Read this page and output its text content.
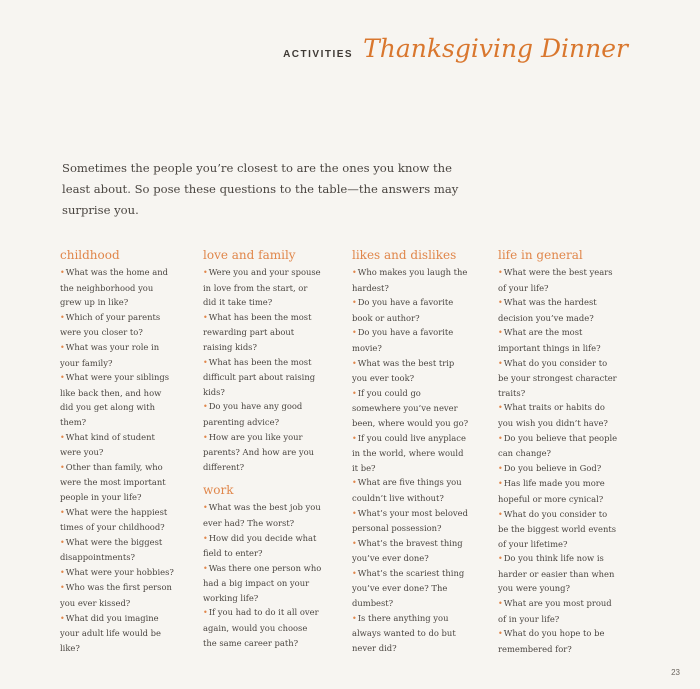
ACTIVITIES Thanksgiving Dinner

Sometimes the people you’re closest to are the ones you know the least about. So pose these questions to the table—the answers may surprise you.

childhood
•What was the home and the neighborhood you grew up in like?
•Which of your parents were you closer to?
•What was your role in your family?
•What were your siblings like back then, and how did you get along with them?
•What kind of student were you?
•Other than family, who were the most important people in your life?
•What were the happiest times of your childhood?
•What were the biggest disappointments?
•What were your hobbies?
•Who was the first person you ever kissed?
•What did you imagine your adult life would be like?
love and family
•Were you and your spouse in love from the start, or did it take time?
•What has been the most rewarding part about raising kids?
•What has been the most difficult part about raising kids?
•Do you have any good parenting advice?
•How are you like your parents? And how are you different?
work
•What was the best job you ever had? The worst?
•How did you decide what field to enter?
•Was there one person who had a big impact on your working life?
•If you had to do it all over again, would you choose the same career path?
likes and dislikes
•Who makes you laugh the hardest?
•Do you have a favorite book or author?
•Do you have a favorite movie?
•What was the best trip you ever took?
•If you could go somewhere you’ve never been, where would you go?
•If you could live anyplace in the world, where would it be?
•What are five things you couldn’t live without?
•What’s your most beloved personal possession?
•What’s the bravest thing you’ve ever done?
•What’s the scariest thing you’ve ever done? The dumbest?
•Is there anything you always wanted to do but never did?
life in general
•What were the best years of your life?
•What was the hardest decision you’ve made?
•What are the most important things in life?
•What do you consider to be your strongest character traits?
•What traits or habits do you wish you didn’t have?
•Do you believe that people can change?
•Do you believe in God?
•Has life made you more hopeful or more cynical?
•What do you consider to be the biggest world events of your lifetime?
•Do you think life now is harder or easier than when you were young?
•What are you most proud of in your life?
•What do you hope to be remembered for?
23
